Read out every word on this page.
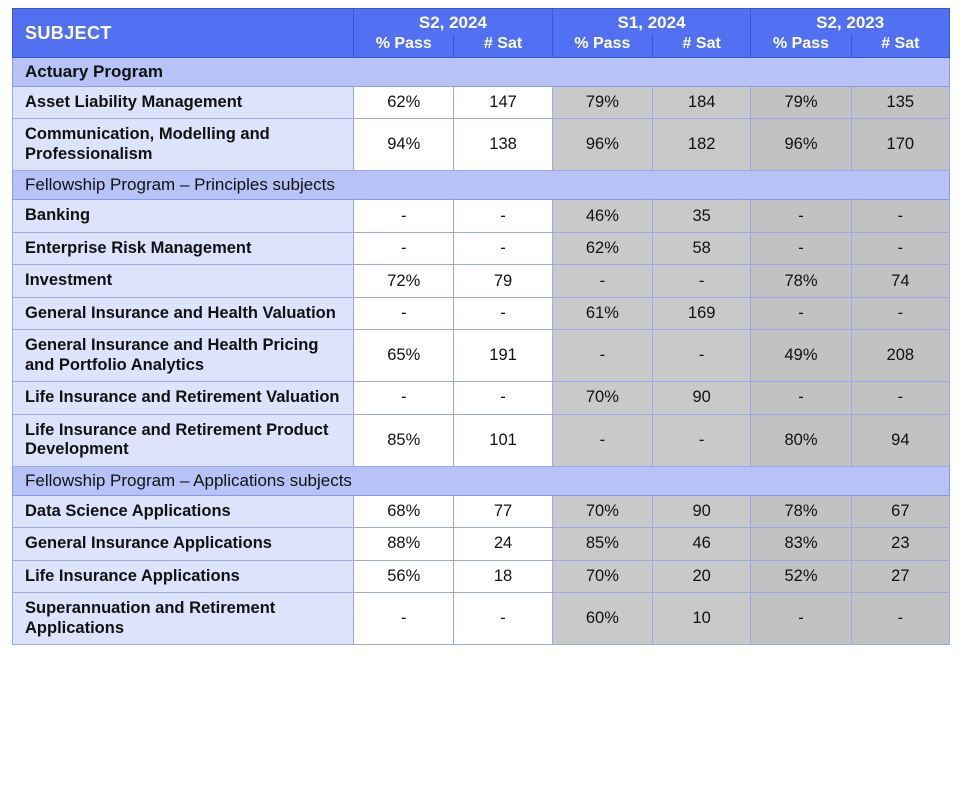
SUBJECT	S2, 2024		S1, 2024		S2, 2023	
	% Pass	# Sat	% Pass	# Sat	% Pass	# Sat
Actuary Program						
Asset Liability Management	62%	147	79%	184	79%	135
Communication, Modelling and Professionalism	94%	138	96%	182	96%	170
Fellowship Program – Principles subjects						
Banking	-	-	46%	35	-	-
Enterprise Risk Management	-	-	62%	58	-	-
Investment	72%	79	-	-	78%	74
General Insurance and Health Valuation	-	-	61%	169	-	-
General Insurance and Health Pricing and Portfolio Analytics	65%	191	-	-	49%	208
Life Insurance and Retirement Valuation	-	-	70%	90	-	-
Life Insurance and Retirement Product Development	85%	101	-	-	80%	94
Fellowship Program – Applications subjects						
Data Science Applications	68%	77	70%	90	78%	67
General Insurance Applications	88%	24	85%	46	83%	23
Life Insurance Applications	56%	18	70%	20	52%	27
Superannuation and Retirement Applications	-	-	60%	10	-	-
